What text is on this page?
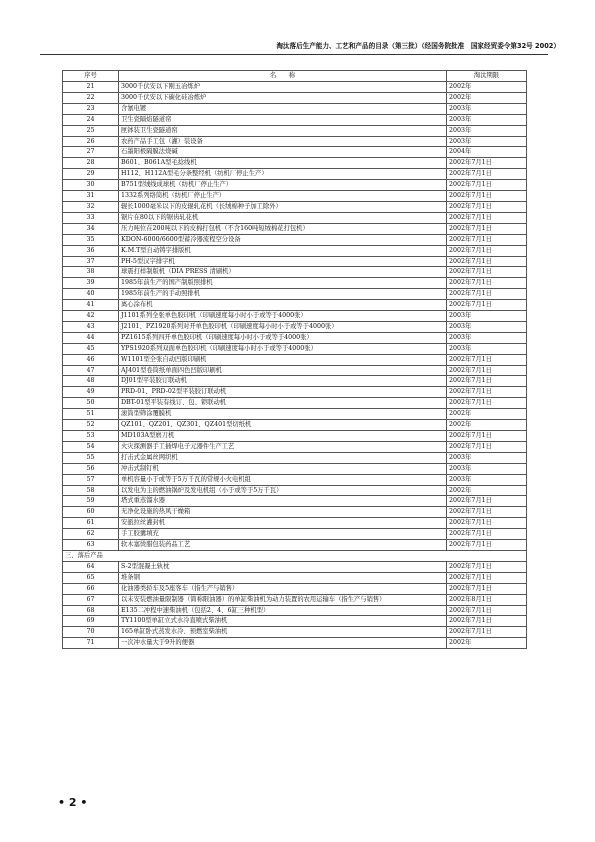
淘汰落后生产能力、工艺和产品的目录（第三批）（经国务院批准　国家经贸委令第32号 2002）
序号	名　　称	淘汰期限
21	3000千伏安以下刚玉冶炼炉	2002年
22	3000千伏安以下碳化硅冶炼炉	2002年
23	含氰电镀	2003年
24	卫生瓷隔焰隧道窑	2003年
25	匣钵装卫生瓷隧道窑	2003年
26	农药产品手工包（灌）装设备	2003年
27	石墨阳极隔膜法烧碱	2004年
28	B601、B061A型毛捻线机	2002年7月1日
29	H112、H112A型毛分条整经机（纺机厂停止生产）	2002年7月1日
30	B751型绒线成球机（纺机厂停止生产）	2002年7月1日
31	1332系列络筒机（纺机厂停止生产）	2002年7月1日
32	辊长1000毫米以下的皮辊轧花机（长绒棉种子加工除外）	2002年7月1日
33	锯片在80以下的锯齿轧花机	2002年7月1日
34	压力吨位在200吨以下的皮棉打包机（不含160吨短绒棉花打包机）	2002年7月1日
35	KDON-6000/6600型蓄冷器流程空分设备	2002年7月1日
36	K.M.T型自动铸字排版机	2002年7月1日
37	PH-5型汉字排字机	2002年7月1日
38	球震打样制版机（DIA PRESS 清刷机）	2002年7月1日
39	1985年前生产的国产制版照排机	2002年7月1日
40	1985年前生产的手动照排机	2002年7月1日
41	离心涂布机	2002年7月1日
42	J1101系列全张单色胶印机（印刷速度每小时小于或等于4000张）	2003年
43	J2101、PZ1920系列对开单色胶印机（印刷速度每小时小于或等于4000张）	2003年
44	PZ1615系列四开单色胶印机（印刷速度每小时小于或等于4000张）	2003年
45	YPS1920系列双面单色胶印机（印刷速度每小时小于或等于4000张）	2003年
46	W1101型全张自动凹版印刷机	2002年7月1日
47	AJ401型卷筒纸单面四色凹版印刷机	2002年7月1日
48	DJ01型平装胶订联动机	2002年7月1日
49	PRD-01、PRD-02型平装胶订联动机	2002年7月1日
50	DBT-01型平装有线订、包、锁联动机	2002年7月1日
51	滚筒型筛涂覆膜机	2002年
52	QZ101、QZ201、QZ301、QZ401型切纸机	2002年
53	MD103A型磨刀机	2002年7月1日
54	火灾探测器手工插焊电子元器件生产工艺	2002年7月1日
55	打击式金属丝网织机	2003年
56	冲击式制钉机	2003年
57	单机容量小于或等于5万千瓦的常规小火电机组	2003年
58	以发电为主的燃油锅炉及发电机组（小于或等于5万千瓦）	2002年
59	塔式重蒸馏水器	2002年7月1日
60	无净化设施的热风干燥箱	2002年7月1日
61	安瓿拉丝灌封机	2002年7月1日
62	手工胶囊填充	2002年7月1日
63	软木塞烫腊包装药品工艺	2002年7月1日
三、落后产品		
64	S-2型混凝土轨枕	2002年7月1日
65	堆条钢	2002年7月1日
66	化油器类轿车及5座客车（指生产与销售）	2002年7月1日
67	以未安装燃油量限制器（简称限油器）的单缸柴油机为动力装置的农用运输车（指生产与销售）	2002年8月1日
68	E135二冲程中速柴油机（包括2、4、6缸三种机型）	2002年7月1日
69	TY1100型单缸立式水冷直喷式柴油机	2002年7月1日
70	165单缸卧式蒸发水冷、预燃室柴油机	2002年7月1日
71	一次冲水量大于9升的便器	2002年
• 2 •
